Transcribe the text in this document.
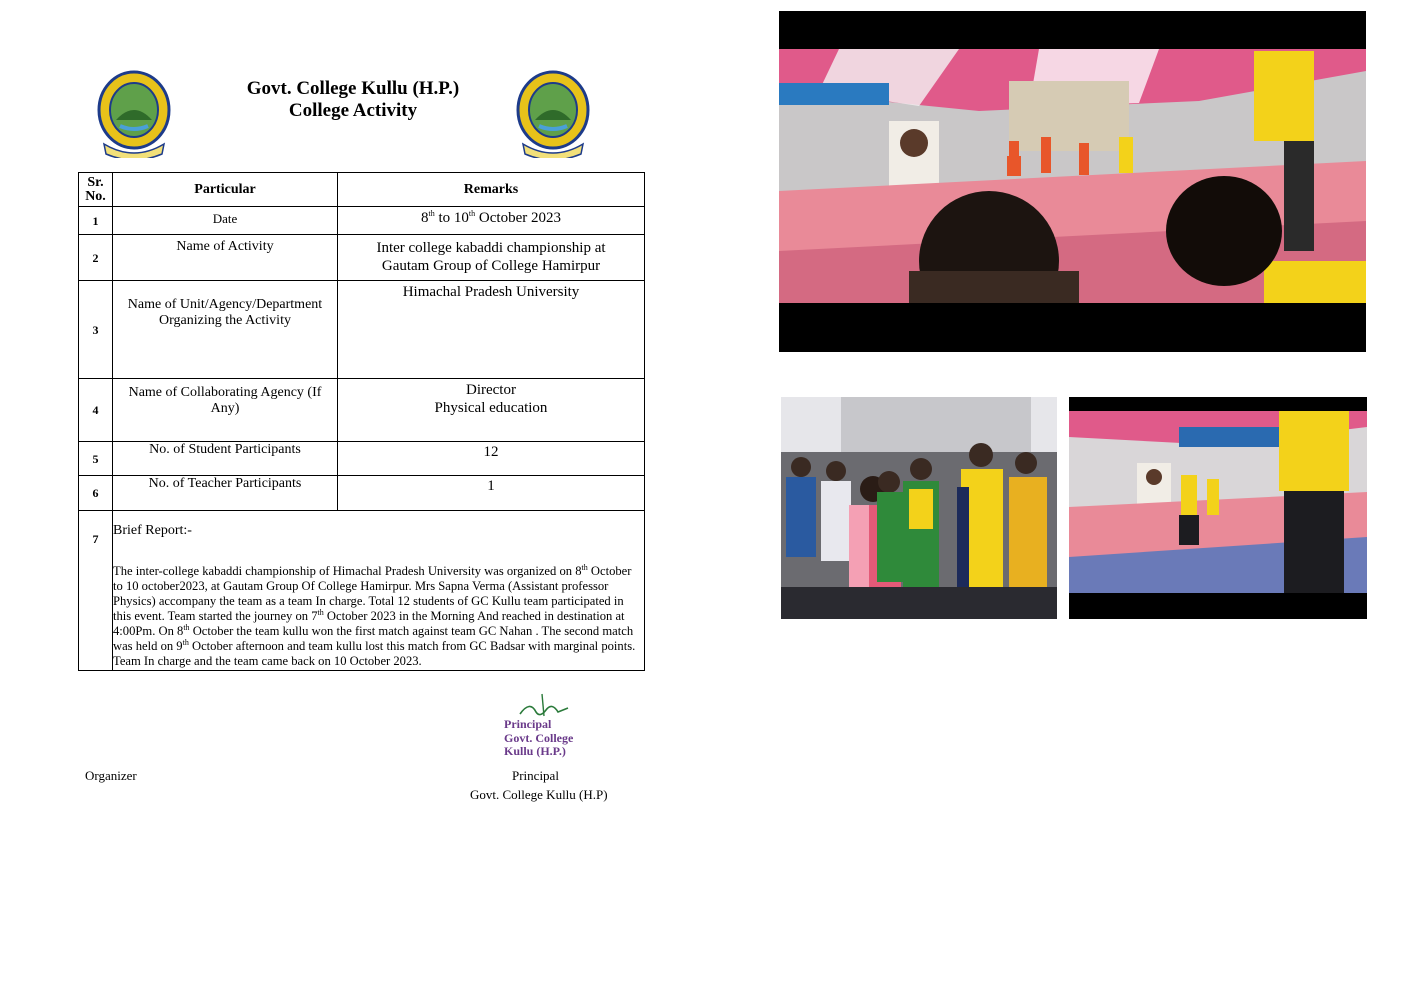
Govt. College Kullu (H.P.)
College Activity
Sr. No.	Particular	Remarks
1	Date	8th to 10th October 2023
2	Name of Activity	Inter college kabaddi championship at Gautam Group of College Hamirpur
3	Name of Unit/Agency/Department Organizing the Activity	Himachal Pradesh University
4	Name of Collaborating Agency (If Any)	Director
Physical education

5	No. of Student Participants	12
6	No. of Teacher Participants	1
7	Brief Report:-
The inter-college kabaddi championship of Himachal Pradesh University was organized on 8th October to 10 october2023, at Gautam Group Of College Hamirpur. Mrs Sapna Verma (Assistant professor Physics) accompany the team as a team In charge. Total 12 students of GC Kullu team participated in this event. Team started the journey on 7th October 2023 in the Morning And reached in destination at 4:00Pm. On 8th October the team kullu won the first match against team GC Nahan . The second match was held on 9th October afternoon and team kullu lost this match from GC Badsar with marginal points. Team In charge and the team came back on 10 October 2023.	
Principal
Govt. College
Kullu (H.P.)
Organizer	Principal
Govt. College Kullu (H.P)
